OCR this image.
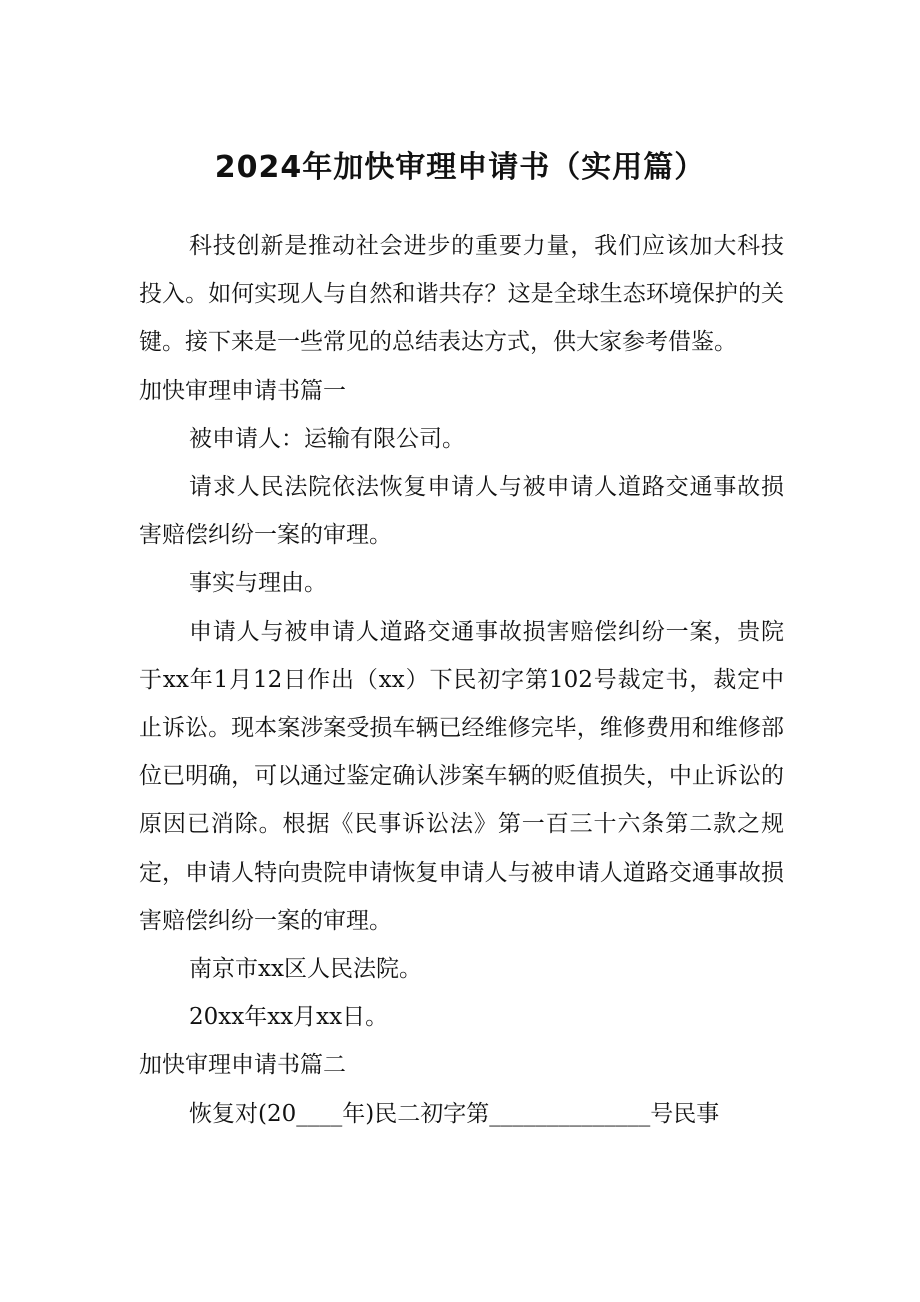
2024年加快审理申请书（实用篇）

科技创新是推动社会进步的重要力量，我们应该加大科技投入。如何实现人与自然和谐共存？这是全球生态环境保护的关键。接下来是一些常见的总结表达方式，供大家参考借鉴。

加快审理申请书篇一

被申请人：运输有限公司。

请求人民法院依法恢复申请人与被申请人道路交通事故损害赔偿纠纷一案的审理。

事实与理由。

申请人与被申请人道路交通事故损害赔偿纠纷一案，贵院于xx年1月12日作出（xx）下民初字第102号裁定书，裁定中止诉讼。现本案涉案受损车辆已经维修完毕，维修费用和维修部位已明确，可以通过鉴定确认涉案车辆的贬值损失，中止诉讼的原因已消除。根据《民事诉讼法》第一百三十六条第二款之规定，申请人特向贵院申请恢复申请人与被申请人道路交通事故损害赔偿纠纷一案的审理。

南京市xx区人民法院。

20xx年xx月xx日。

加快审理申请书篇二

恢复对(20____年)民二初字第______________号民事
